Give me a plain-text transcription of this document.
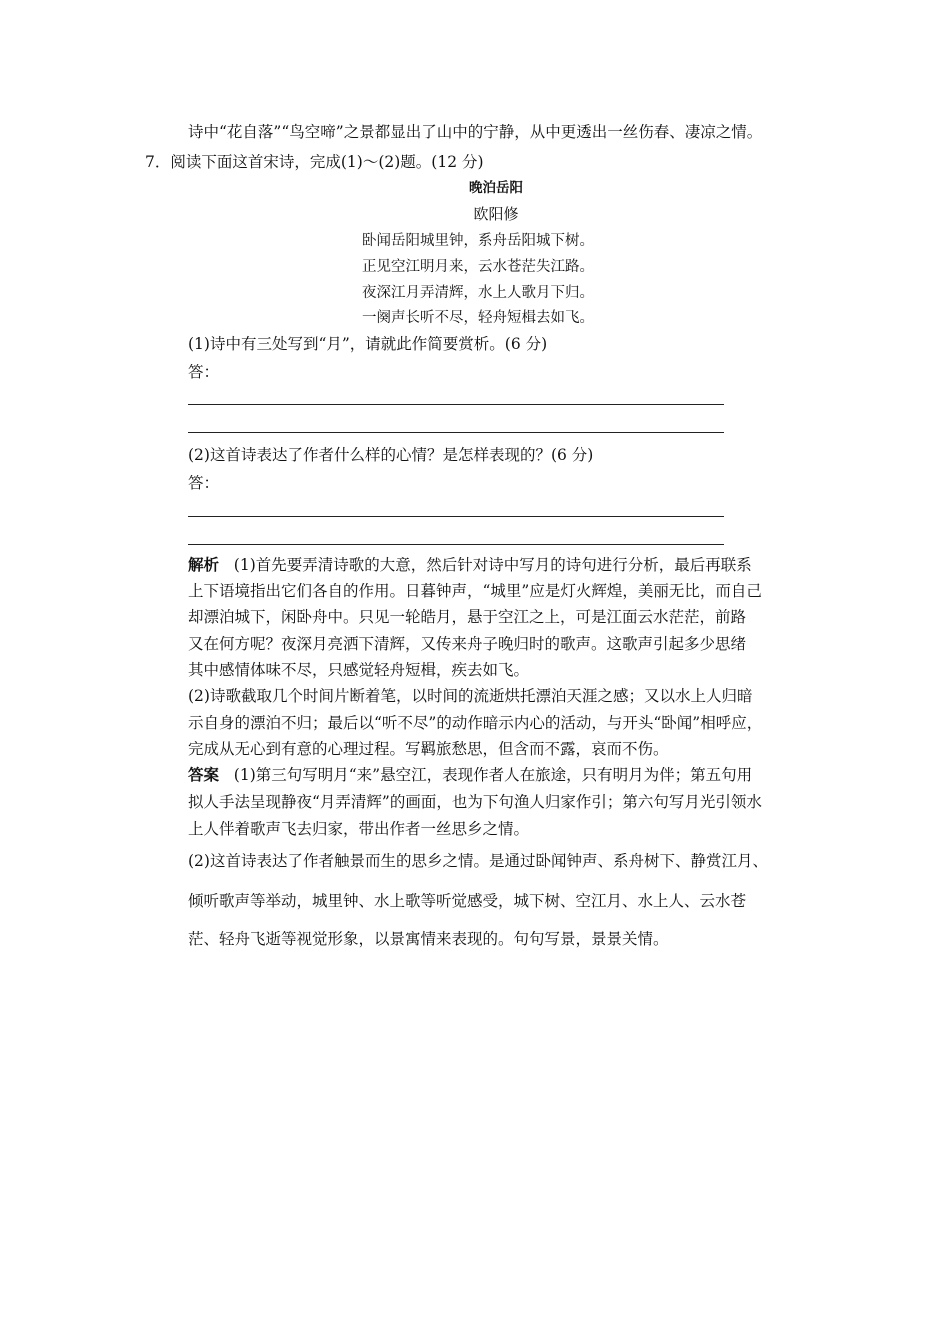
诗中“花自落”“鸟空啼”之景都显出了山中的宁静，从中更透出一丝伤春、凄凉之情。
7．阅读下面这首宋诗，完成(1)～(2)题。(12 分)
晚泊岳阳
欧阳修
卧闻岳阳城里钟，系舟岳阳城下树。
正见空江明月来，云水苍茫失江路。
夜深江月弄清辉，水上人歌月下归。
一阕声长听不尽，轻舟短楫去如飞。
(1)诗中有三处写到“月”，请就此作简要赏析。(6 分)
答：
(2)这首诗表达了作者什么样的心情？是怎样表现的？(6 分)
答：
解析 (1)首先要弄清诗歌的大意，然后针对诗中写月的诗句进行分析，最后再联系
上下语境指出它们各自的作用。日暮钟声，“城里”应是灯火辉煌，美丽无比，而自己
却漂泊城下，闲卧舟中。只见一轮皓月，悬于空江之上，可是江面云水茫茫，前路
又在何方呢？夜深月亮洒下清辉，又传来舟子晚归时的歌声。这歌声引起多少思绪
其中感情体味不尽，只感觉轻舟短楫，疾去如飞。
(2)诗歌截取几个时间片断着笔，以时间的流逝烘托漂泊天涯之感；又以水上人归暗
示自身的漂泊不归；最后以“听不尽”的动作暗示内心的活动，与开头“卧闻”相呼应，
完成从无心到有意的心理过程。写羁旅愁思，但含而不露，哀而不伤。
答案 (1)第三句写明月“来”悬空江，表现作者人在旅途，只有明月为伴；第五句用
拟人手法呈现静夜“月弄清辉”的画面，也为下句渔人归家作引；第六句写月光引领水
上人伴着歌声飞去归家，带出作者一丝思乡之情。
(2)这首诗表达了作者触景而生的思乡之情。是通过卧闻钟声、系舟树下、静赏江月、
倾听歌声等举动，城里钟、水上歌等听觉感受，城下树、空江月、水上人、云水苍
茫、轻舟飞逝等视觉形象，以景寓情来表现的。句句写景，景景关情。
